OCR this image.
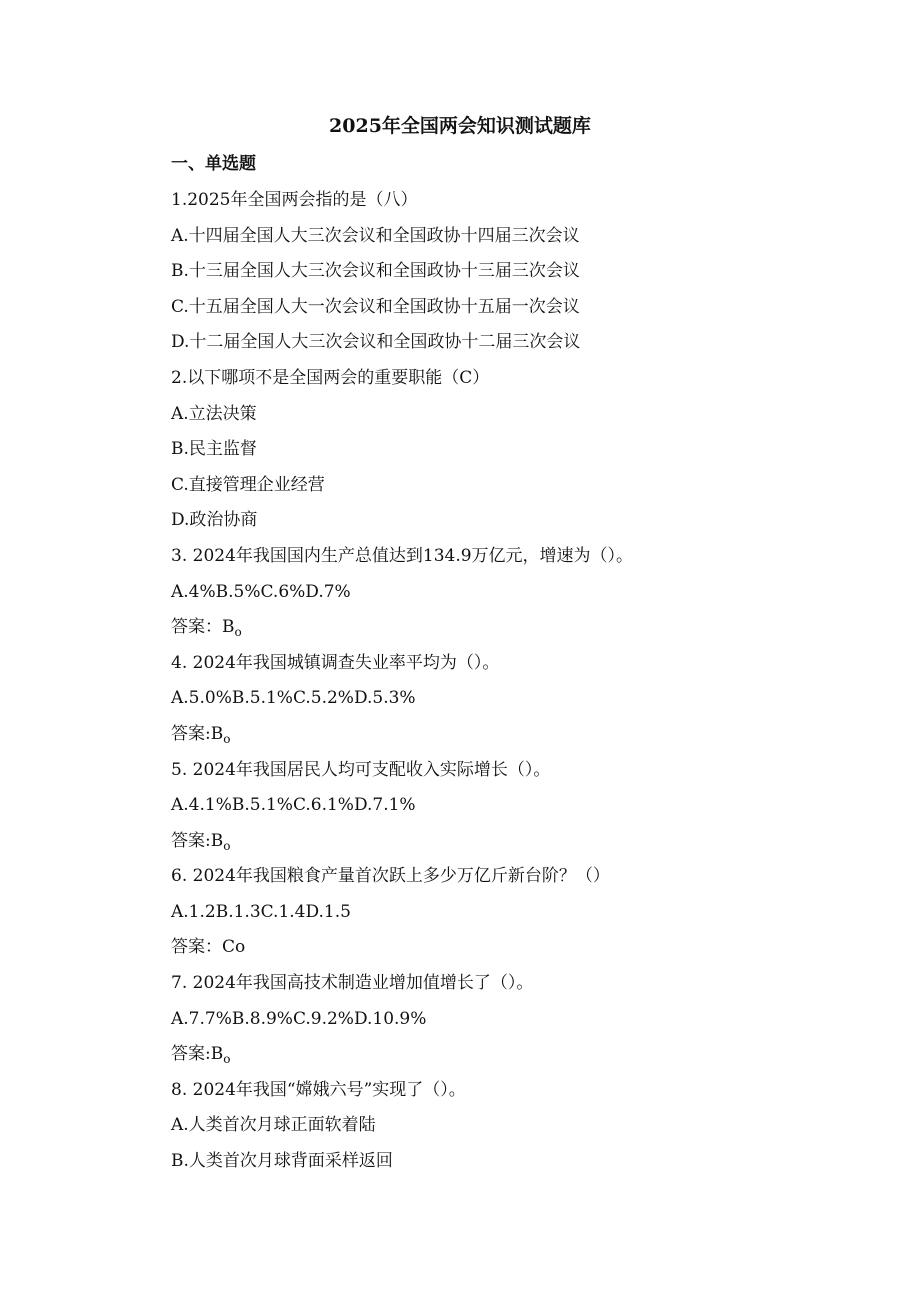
2025年全国两会知识测试题库
一、单选题
1.2025年全国两会指的是（八）
A.十四届全国人大三次会议和全国政协十四届三次会议
B.十三届全国人大三次会议和全国政协十三届三次会议
C.十五届全国人大一次会议和全国政协十五届一次会议
D.十二届全国人大三次会议和全国政协十二届三次会议
2.以下哪项不是全国两会的重要职能（C）
A.立法决策
B.民主监督
C.直接管理企业经营
D.政治协商
3. 2024年我国国内生产总值达到134.9万亿元，增速为（）。
A.4%B.5%C.6%D.7%
答案：$B_o$
4. 2024年我国城镇调查失业率平均为（）。
A.5.0%B.5.1%C.5.2%D.5.3%
答案$:B_o$
5. 2024年我国居民人均可支配收入实际增长（）。
A.4.1%B.5.1%C.6.1%D.7.1%
答案$:B_o$
6. 2024年我国粮食产量首次跃上多少万亿斤新台阶？（）
A.1.2B.1.3C.1.4D.1.5
答案：Co
7. 2024年我国高技术制造业增加值增长了（）。
A.7.7%B.8.9%C.9.2%D.10.9%
答案$:B_o$
8. 2024年我国“嫦娥六号”实现了（）。
A.人类首次月球正面软着陆
B.人类首次月球背面采样返回
